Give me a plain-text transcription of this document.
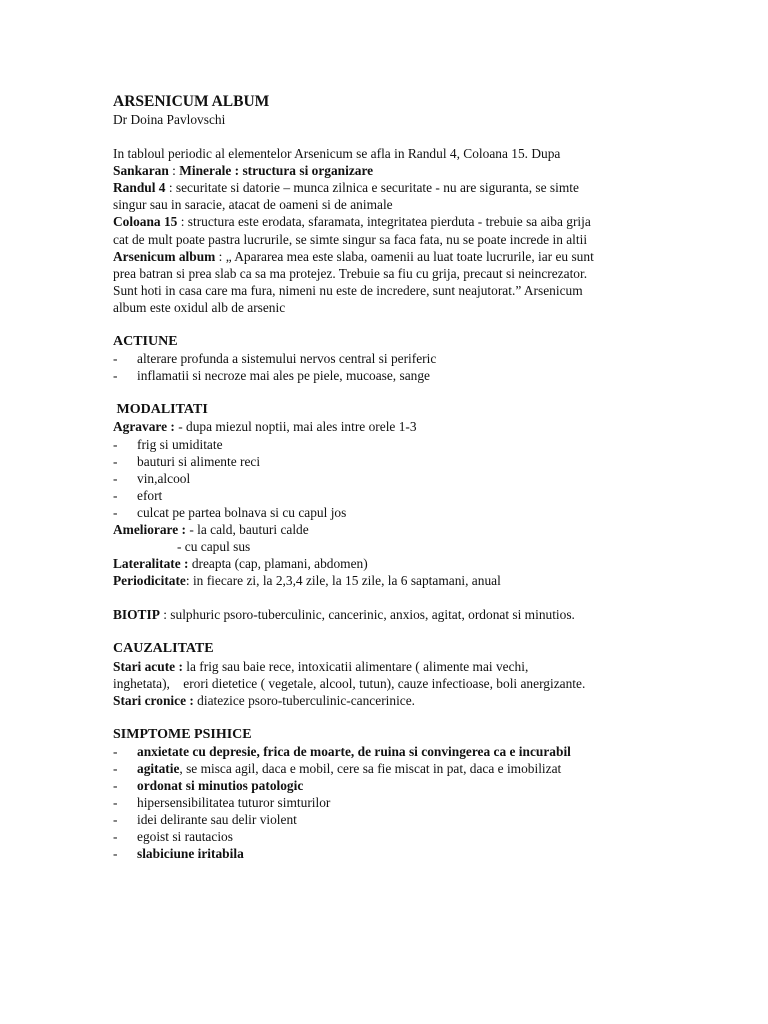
ARSENICUM ALBUM
Dr Doina Pavlovschi
In tabloul periodic al elementelor Arsenicum se afla in Randul 4, Coloana 15. Dupa
Sankaran : Minerale : structura si organizare
Randul 4 : securitate si datorie – munca zilnica e securitate - nu are siguranta, se simte
singur sau in saracie, atacat de oameni si de animale
Coloana 15 : structura este erodata, sfaramata, integritatea pierduta - trebuie sa aiba grija
cat de mult poate pastra lucrurile, se simte singur sa faca fata, nu se poate increde in altii
Arsenicum album : „ Apararea mea este slaba, oamenii au luat toate lucrurile, iar eu sunt
prea batran si prea slab ca sa ma protejez. Trebuie sa fiu cu grija, precaut si neincrezator.
Sunt hoti in casa care ma fura, nimeni nu este de incredere, sunt neajutorat.” Arsenicum
album este oxidul alb de arsenic
ACTIUNE
- alterare profunda a sistemului nervos central si periferic
- inflamatii si necroze mai ales pe piele, mucoase, sange
MODALITATI
Agravare : - dupa miezul noptii, mai ales intre orele 1-3
- frig si umiditate
- bauturi si alimente reci
- vin,alcool
- efort
- culcat pe partea bolnava si cu capul jos
Ameliorare : - la cald, bauturi calde
- cu capul sus
Lateralitate : dreapta (cap, plamani, abdomen)
Periodicitate: in fiecare zi, la 2,3,4 zile, la 15 zile, la 6 saptamani, anual
BIOTIP : sulphuric psoro-tuberculinic, cancerinic, anxios, agitat, ordonat si minutios.
CAUZALITATE
Stari acute : la frig sau baie rece, intoxicatii alimentare ( alimente mai vechi,
inghetata),    erori dietetice ( vegetale, alcool, tutun), cauze infectioase, boli anergizante.
Stari cronice : diatezice psoro-tuberculinic-cancerinice.
SIMPTOME PSIHICE
- anxietate cu depresie, frica de moarte, de ruina si convingerea ca e incurabil
- agitatie, se misca agil, daca e mobil, cere sa fie miscat in pat, daca e imobilizat
- ordonat si minutios patologic
- hipersensibilitatea tuturor simturilor
- idei delirante sau delir violent
- egoist si rautacios
- slabiciune iritabila
